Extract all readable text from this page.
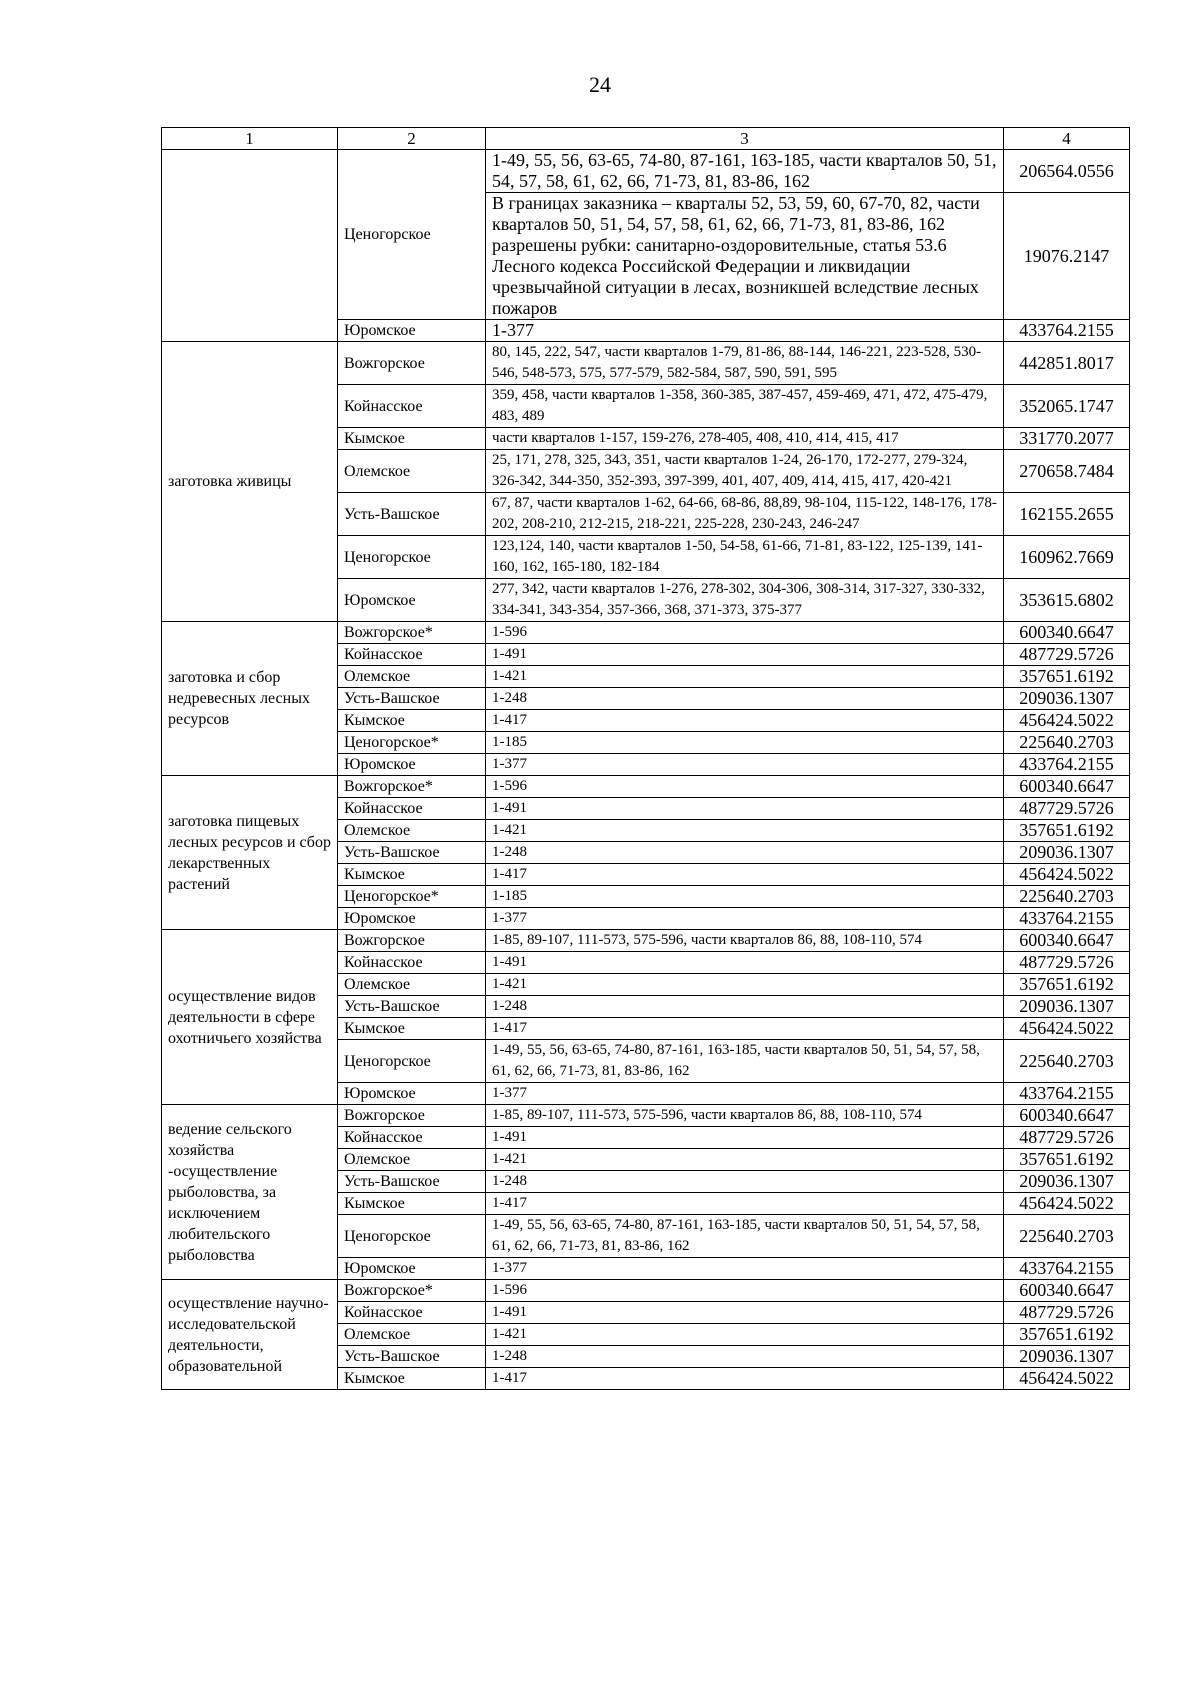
24
1	2	3	4
	Ценогорское	1-49, 55, 56, 63-65, 74-80, 87-161, 163-185, части кварталов 50, 51, 54, 57, 58, 61, 62, 66, 71-73, 81, 83-86, 162	206564.0556
		В границах заказника – кварталы 52, 53, 59, 60, 67-70, 82, части кварталов 50, 51, 54, 57, 58, 61, 62, 66, 71-73, 81, 83-86, 162 разрешены рубки: санитарно-оздоровительные, статья 53.6 Лесного кодекса Российской Федерации и ликвидации чрезвычайной ситуации в лесах, возникшей вследствие лесных пожаров	19076.2147
	Юромское	1-377	433764.2155
заготовка живицы	Вожгорское	80, 145, 222, 547, части кварталов 1-79, 81-86, 88-144, 146-221, 223-528, 530-546, 548-573, 575, 577-579, 582-584, 587, 590, 591, 595	442851.8017
	Койнасское	359, 458, части кварталов 1-358, 360-385, 387-457, 459-469, 471, 472, 475-479, 483, 489	352065.1747
	Кымское	части кварталов 1-157, 159-276, 278-405, 408, 410, 414, 415, 417	331770.2077
	Олемское	25, 171, 278, 325, 343, 351, части кварталов 1-24, 26-170, 172-277, 279-324, 326-342, 344-350, 352-393, 397-399, 401, 407, 409, 414, 415, 417, 420-421	270658.7484
	Усть-Вашское	67, 87, части кварталов 1-62, 64-66, 68-86, 88,89, 98-104, 115-122, 148-176, 178-202, 208-210, 212-215, 218-221, 225-228, 230-243, 246-247	162155.2655
	Ценогорское	123,124, 140, части кварталов 1-50, 54-58, 61-66, 71-81, 83-122, 125-139, 141-160, 162, 165-180, 182-184	160962.7669
	Юромское	277, 342, части кварталов 1-276, 278-302, 304-306, 308-314, 317-327, 330-332, 334-341, 343-354, 357-366, 368, 371-373, 375-377	353615.6802
заготовка и сбор недревесных лесных ресурсов	Вожгорское*	1-596	600340.6647
	Койнасское	1-491	487729.5726
	Олемское	1-421	357651.6192
	Усть-Вашское	1-248	209036.1307
	Кымское	1-417	456424.5022
	Ценогорское*	1-185	225640.2703
	Юромское	1-377	433764.2155
заготовка пищевых лесных ресурсов и сбор лекарственных растений	Вожгорское*	1-596	600340.6647
	Койнасское	1-491	487729.5726
	Олемское	1-421	357651.6192
	Усть-Вашское	1-248	209036.1307
	Кымское	1-417	456424.5022
	Ценогорское*	1-185	225640.2703
	Юромское	1-377	433764.2155
осуществление видов деятельности в сфере охотничьего хозяйства	Вожгорское	1-85, 89-107, 111-573, 575-596, части кварталов 86, 88, 108-110, 574	600340.6647
	Койнасское	1-491	487729.5726
	Олемское	1-421	357651.6192
	Усть-Вашское	1-248	209036.1307
	Кымское	1-417	456424.5022
	Ценогорское	1-49, 55, 56, 63-65, 74-80, 87-161, 163-185, части кварталов 50, 51, 54, 57, 58, 61, 62, 66, 71-73, 81, 83-86, 162	225640.2703
	Юромское	1-377	433764.2155
ведение сельского хозяйства -осуществление рыболовства, за исключением любительского рыболовства	Вожгорское	1-85, 89-107, 111-573, 575-596, части кварталов 86, 88, 108-110, 574	600340.6647
	Койнасское	1-491	487729.5726
	Олемское	1-421	357651.6192
	Усть-Вашское	1-248	209036.1307
	Кымское	1-417	456424.5022
	Ценогорское	1-49, 55, 56, 63-65, 74-80, 87-161, 163-185, части кварталов 50, 51, 54, 57, 58, 61, 62, 66, 71-73, 81, 83-86, 162	225640.2703
	Юромское	1-377	433764.2155
осуществление научно-исследовательской деятельности, образовательной	Вожгорское*	1-596	600340.6647
	Койнасское	1-491	487729.5726
	Олемское	1-421	357651.6192
	Усть-Вашское	1-248	209036.1307
	Кымское	1-417	456424.5022
